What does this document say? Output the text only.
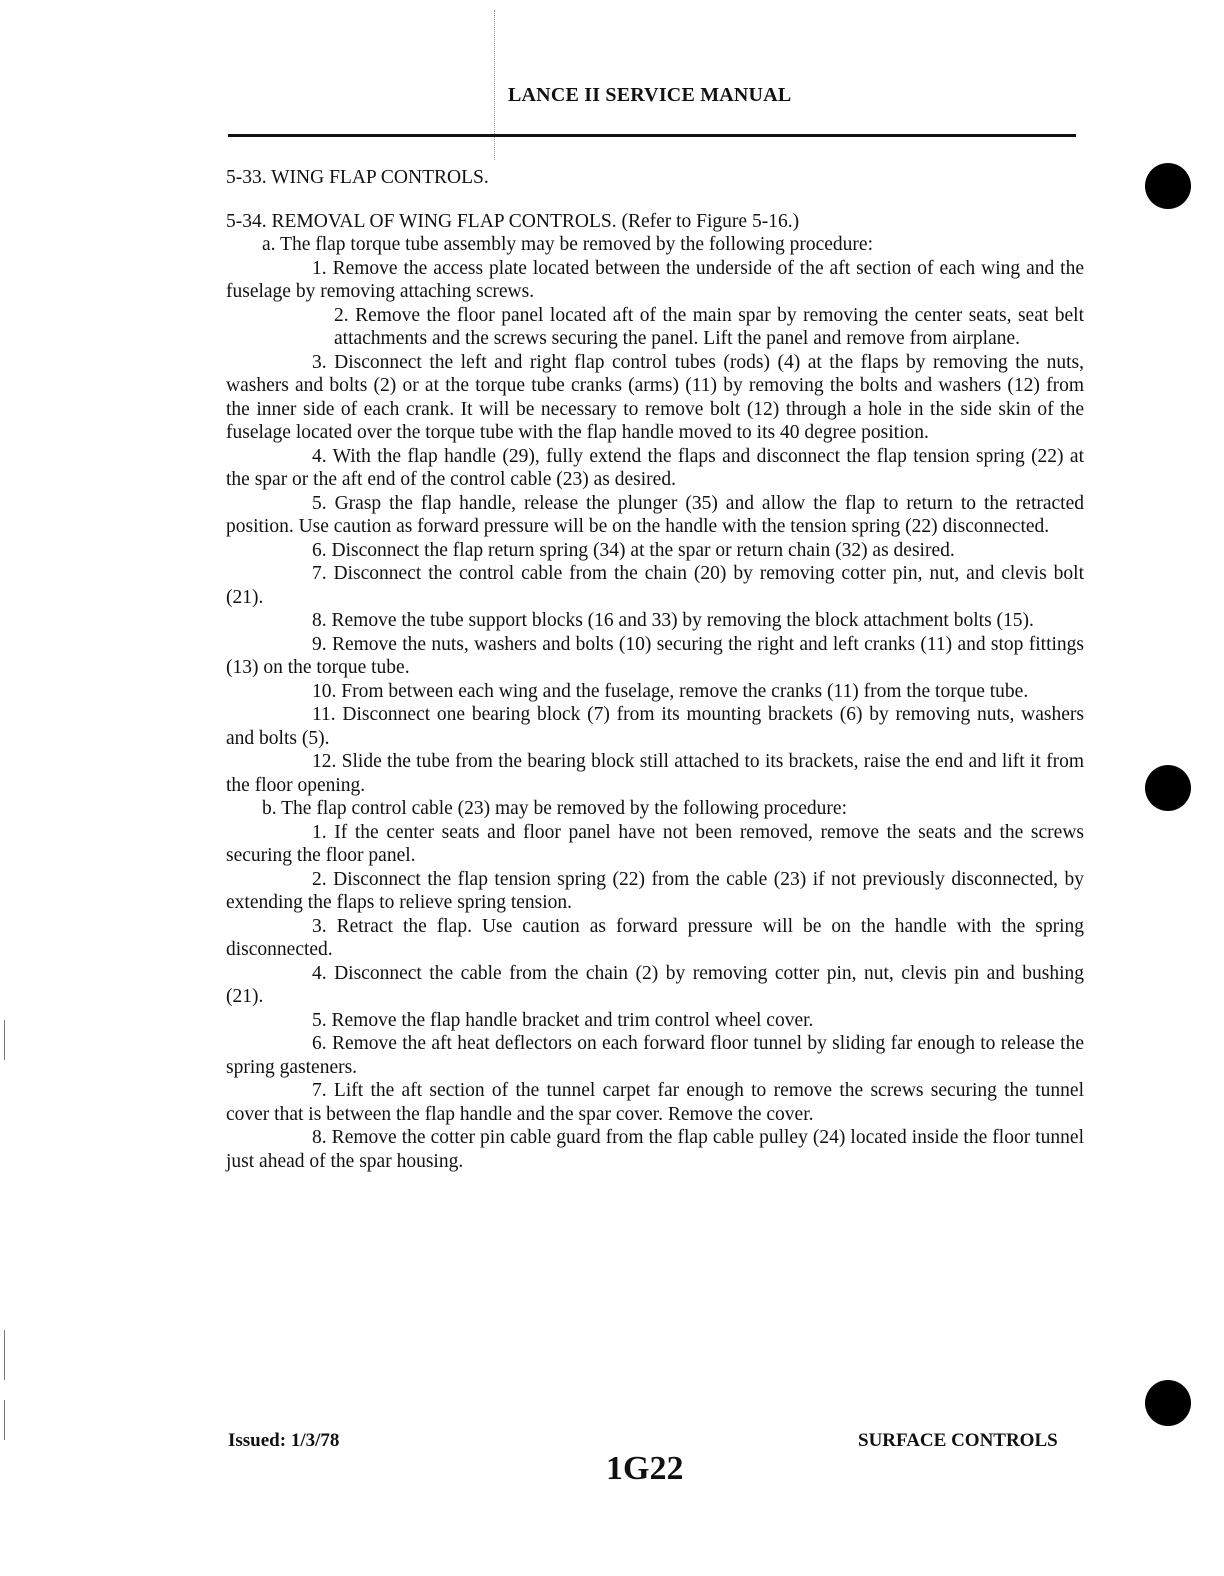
LANCE II SERVICE MANUAL

5-33. WING FLAP CONTROLS.

5-34. REMOVAL OF WING FLAP CONTROLS. (Refer to Figure 5-16.)

a. The flap torque tube assembly may be removed by the following procedure:

1. Remove the access plate located between the underside of the aft section of each wing and the fuselage by removing attaching screws.

2. Remove the floor panel located aft of the main spar by removing the center seats, seat belt attachments and the screws securing the panel. Lift the panel and remove from airplane.

3. Disconnect the left and right flap control tubes (rods) (4) at the flaps by removing the nuts, washers and bolts (2) or at the torque tube cranks (arms) (11) by removing the bolts and washers (12) from the inner side of each crank. It will be necessary to remove bolt (12) through a hole in the side skin of the fuselage located over the torque tube with the flap handle moved to its 40 degree position.

4. With the flap handle (29), fully extend the flaps and disconnect the flap tension spring (22) at the spar or the aft end of the control cable (23) as desired.

5. Grasp the flap handle, release the plunger (35) and allow the flap to return to the retracted position. Use caution as forward pressure will be on the handle with the tension spring (22) disconnected.

6. Disconnect the flap return spring (34) at the spar or return chain (32) as desired.

7. Disconnect the control cable from the chain (20) by removing cotter pin, nut, and clevis bolt (21).

8. Remove the tube support blocks (16 and 33) by removing the block attachment bolts (15).

9. Remove the nuts, washers and bolts (10) securing the right and left cranks (11) and stop fittings (13) on the torque tube.

10. From between each wing and the fuselage, remove the cranks (11) from the torque tube.

11. Disconnect one bearing block (7) from its mounting brackets (6) by removing nuts, washers and bolts (5).

12. Slide the tube from the bearing block still attached to its brackets, raise the end and lift it from the floor opening.

b. The flap control cable (23) may be removed by the following procedure:

1. If the center seats and floor panel have not been removed, remove the seats and the screws securing the floor panel.

2. Disconnect the flap tension spring (22) from the cable (23) if not previously disconnected, by extending the flaps to relieve spring tension.

3. Retract the flap. Use caution as forward pressure will be on the handle with the spring disconnected.

4. Disconnect the cable from the chain (2) by removing cotter pin, nut, clevis pin and bushing (21).

5. Remove the flap handle bracket and trim control wheel cover.

6. Remove the aft heat deflectors on each forward floor tunnel by sliding far enough to release the spring gasteners.

7. Lift the aft section of the tunnel carpet far enough to remove the screws securing the tunnel cover that is between the flap handle and the spar cover. Remove the cover.

8. Remove the cotter pin cable guard from the flap cable pulley (24) located inside the floor tunnel just ahead of the spar housing.

Issued: 1/3/78
1G22
SURFACE CONTROLS
